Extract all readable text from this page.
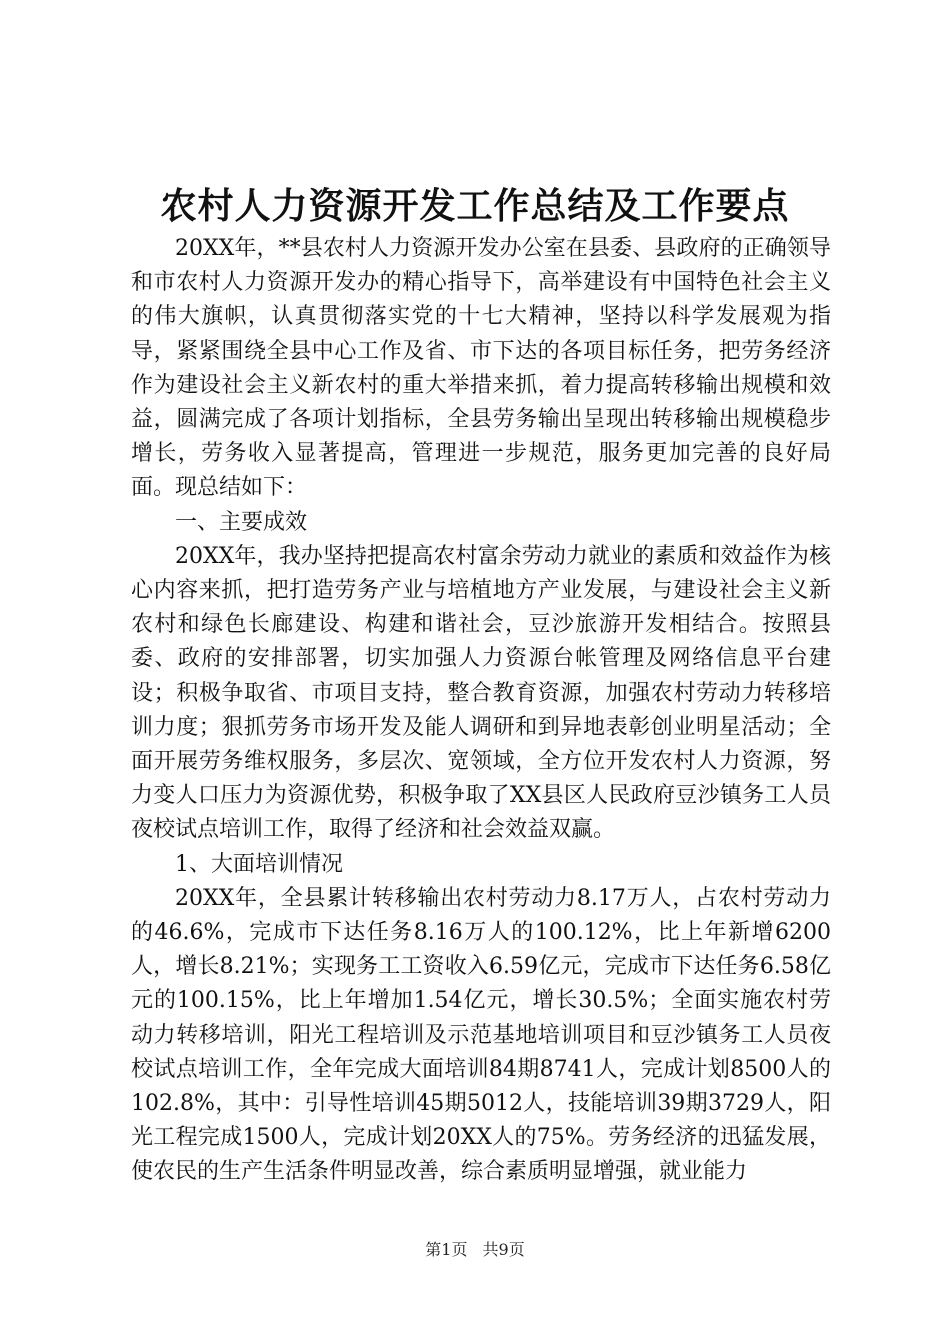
农村人力资源开发工作总结及工作要点

20XX年，**县农村人力资源开发办公室在县委、县政府的正确领导和市农村人力资源开发办的精心指导下，高举建设有中国特色社会主义的伟大旗帜，认真贯彻落实党的十七大精神，坚持以科学发展观为指导，紧紧围绕全县中心工作及省、市下达的各项目标任务，把劳务经济作为建设社会主义新农村的重大举措来抓，着力提高转移输出规模和效益，圆满完成了各项计划指标，全县劳务输出呈现出转移输出规模稳步增长，劳务收入显著提高，管理进一步规范，服务更加完善的良好局面。现总结如下：

一、主要成效

20XX年，我办坚持把提高农村富余劳动力就业的素质和效益作为核心内容来抓，把打造劳务产业与培植地方产业发展，与建设社会主义新农村和绿色长廊建设、构建和谐社会，豆沙旅游开发相结合。按照县委、政府的安排部署，切实加强人力资源台帐管理及网络信息平台建设；积极争取省、市项目支持，整合教育资源，加强农村劳动力转移培训力度；狠抓劳务市场开发及能人调研和到异地表彰创业明星活动；全面开展劳务维权服务，多层次、宽领域，全方位开发农村人力资源，努力变人口压力为资源优势，积极争取了XX县区人民政府豆沙镇务工人员夜校试点培训工作，取得了经济和社会效益双赢。

1、大面培训情况

20XX年，全县累计转移输出农村劳动力8.17万人，占农村劳动力的46.6%，完成市下达任务8.16万人的100.12%，比上年新增6200人，增长8.21%；实现务工工资收入6.59亿元，完成市下达任务6.58亿元的100.15%，比上年增加1.54亿元，增长30.5%；全面实施农村劳动力转移培训，阳光工程培训及示范基地培训项目和豆沙镇务工人员夜校试点培训工作，全年完成大面培训84期8741人，完成计划8500人的102.8%，其中：引导性培训45期5012人，技能培训39期3729人，阳光工程完成1500人，完成计划20XX人的75%。劳务经济的迅猛发展，使农民的生产生活条件明显改善，综合素质明显增强，就业能力

第1页 共9页
